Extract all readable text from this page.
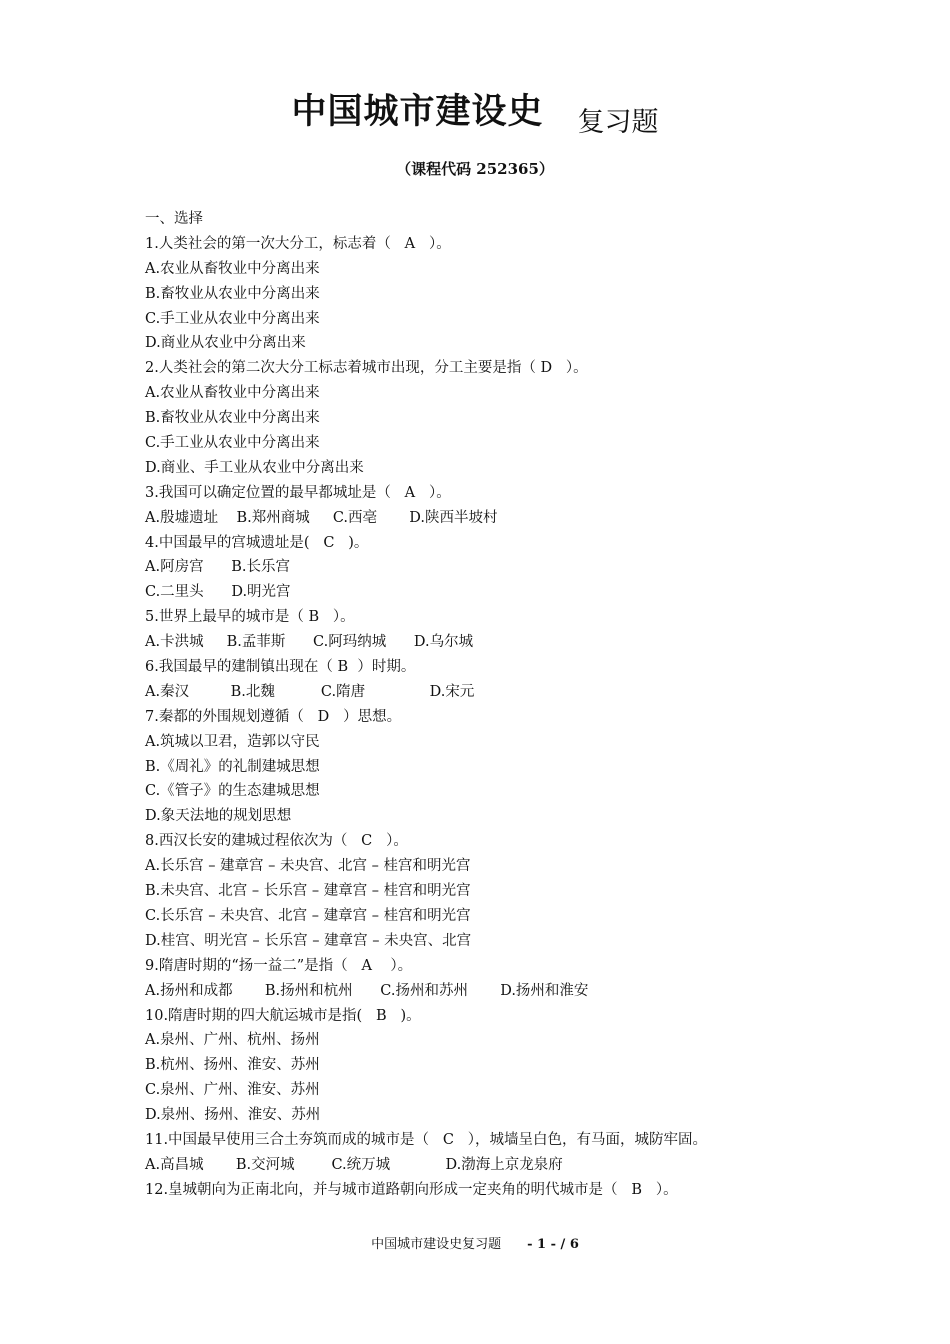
中国城市建设史 复习题
（课程代码 252365）
一、选择
1.人类社会的第一次大分工，标志着（   A   ）。
A.农业从畜牧业中分离出来
B.畜牧业从农业中分离出来
C.手工业从农业中分离出来
D.商业从农业中分离出来
2.人类社会的第二次大分工标志着城市出现，分工主要是指（ D   ）。
A.农业从畜牧业中分离出来
B.畜牧业从农业中分离出来
C.手工业从农业中分离出来
D.商业、手工业从农业中分离出来
3.我国可以确定位置的最早都城址是（   A   ）。
A.殷墟遗址    B.郑州商城     C.西亳       D.陕西半坡村
4.中国最早的宫城遗址是(   C   )。
A.阿房宫      B.长乐宫
C.二里头      D.明光宫
5.世界上最早的城市是（ B   ）。
A.卡洪城     B.孟菲斯      C.阿玛纳城      D.乌尔城
6.我国最早的建制镇出现在（ B  ）时期。
A.秦汉         B.北魏          C.隋唐              D.宋元
7.秦都的外围规划遵循（   D   ）思想。
A.筑城以卫君，造郭以守民
B.《周礼》的礼制建城思想
C.《管子》的生态建城思想
D.象天法地的规划思想
8.西汉长安的建城过程依次为（   C   ）。
A.长乐宫 – 建章宫 – 未央宫、北宫 – 桂宫和明光宫
B.未央宫、北宫 – 长乐宫 – 建章宫 – 桂宫和明光宫
C.长乐宫 – 未央宫、北宫 – 建章宫 – 桂宫和明光宫
D.桂宫、明光宫 – 长乐宫 – 建章宫 – 未央宫、北宫
9.隋唐时期的“扬一益二”是指（   A    ）。
A.扬州和成都       B.扬州和杭州      C.扬州和苏州       D.扬州和淮安
10.隋唐时期的四大航运城市是指(   B   )。
A.泉州、广州、杭州、扬州
B.杭州、扬州、淮安、苏州
C.泉州、广州、淮安、苏州
D.泉州、扬州、淮安、苏州
11.中国最早使用三合土夯筑而成的城市是（   C   ），城墙呈白色，有马面，城防牢固。
A.高昌城       B.交河城        C.统万城            D.渤海上京龙泉府
12.皇城朝向为正南北向，并与城市道路朝向形成一定夹角的明代城市是（   B   ）。
中国城市建设史复习题 - 1 - / 6
